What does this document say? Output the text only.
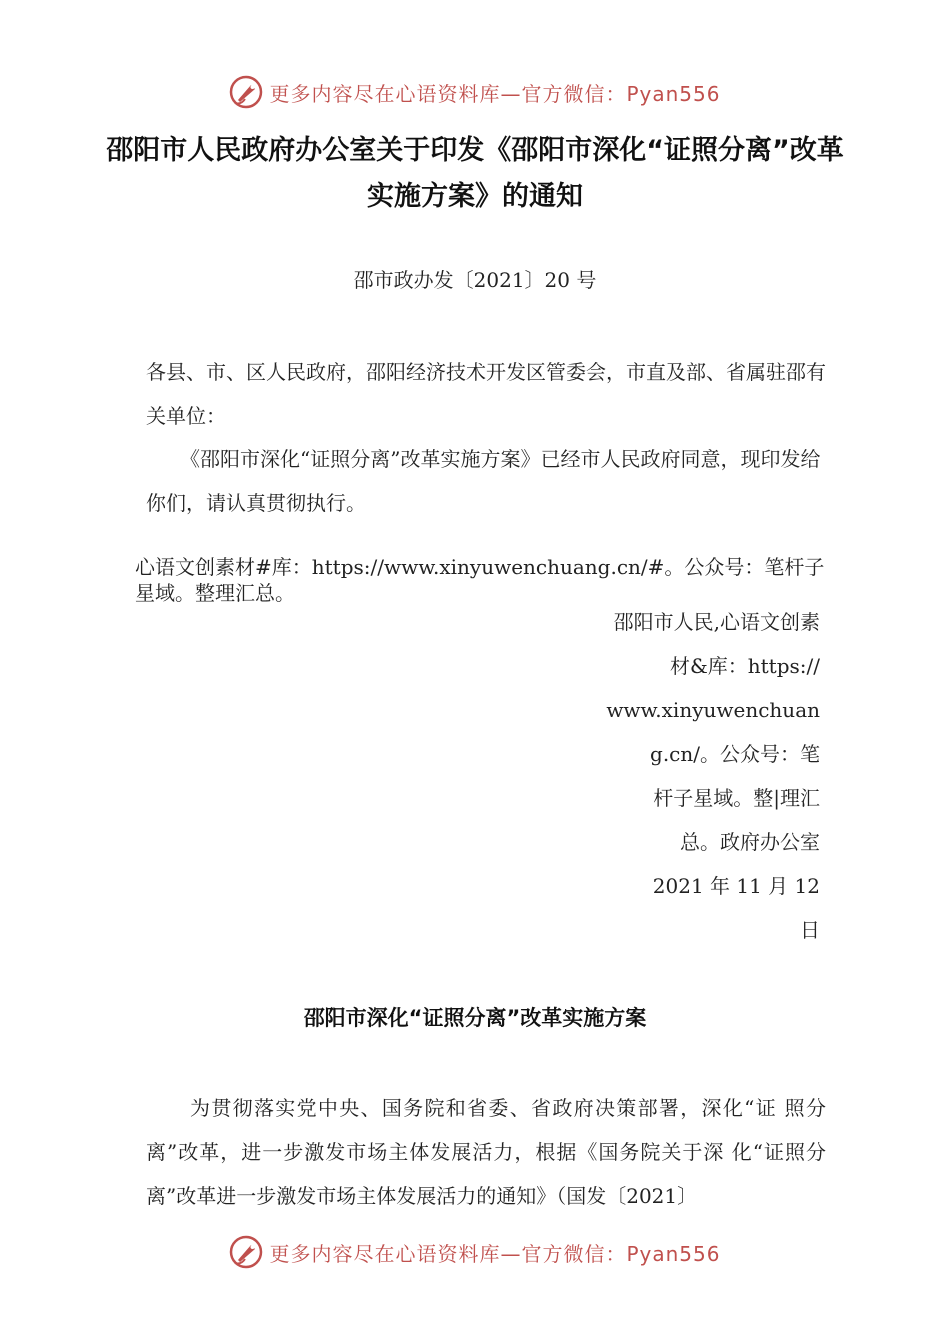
更多内容尽在心语资料库—官方微信：Pyan556
邵阳市人民政府办公室关于印发《邵阳市深化“证照分离”改革实施方案》的通知
邵市政办发〔2021〕20 号
各县、市、区人民政府，邵阳经济技术开发区管委会，市直及部、省属驻邵有关单位：
《邵阳市深化“证照分离”改革实施方案》已经市人民政府同意，现印发给你们，请认真贯彻执行。
心语文创素材#库：https://www.xinyuwenchuang.cn/#。公众号：笔杆子星域。整理汇总。
邵阳市人民,心语文创素
材&库：https://
www.xinyuwenchuan
g.cn/。公众号：笔
杆子星域。整|理汇
总。政府办公室
2021 年 11 月 12
日
邵阳市深化“证照分离”改革实施方案
为贯彻落实党中央、国务院和省委、省政府决策部署，深化“证 照分离”改革，进一步激发市场主体发展活力，根据《国务院关于深 化“证照分离”改革进一步激发市场主体发展活力的通知》（国发〔2021〕
更多内容尽在心语资料库—官方微信：Pyan556
